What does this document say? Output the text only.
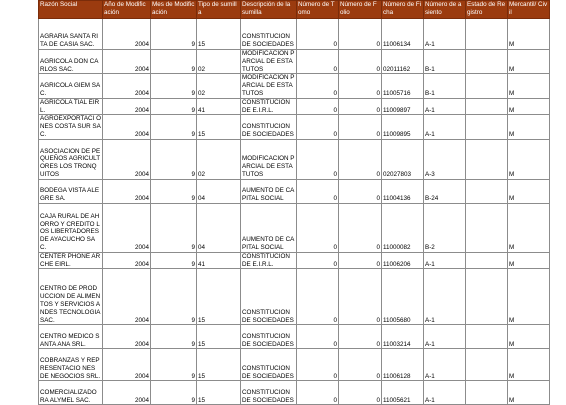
Razón Social	Año de Modificación	Mes de Modificación	Tipo de sumilla	Descripción de la sumilla	Número de Tomo	Número de Folio	Número de Ficha	Número de asiento	Estado de Registro	Mercantil/ Civil
AGRARIA SANTA RITA DE CASIA SAC.	2004	9	15	CONSTITUCION DE SOCIEDADES	0	0	11006134	A-1		M
AGRICOLA DON CARLOS SAC.	2004	9	02	MODIFICACION PARCIAL DE ESTATUTOS	0	0	02011162	B-1		M
AGRICOLA GIEM SAC.	2004	9	02	MODIFICACION PARCIAL DE ESTATUTOS	0	0	11005716	B-1		M
AGRICOLA TIAL EIRL.	2004	9	41	CONSTITUCION DE E.I.R.L.	0	0	11009897	A-1		M
AGROEXPORTACI ONES COSTA SUR SAC.	2004	9	15	CONSTITUCION DE SOCIEDADES	0	0	11009895	A-1		M
ASOCIACION DE PEQUEÑOS AGRICULTORES LOS TRONQUITOS	2004	9	02	MODIFICACION PARCIAL DE ESTATUTOS	0	0	02027803	A-3		M
BODEGA VISTA ALEGRE SA.	2004	9	04	AUMENTO DE CAPITAL SOCIAL	0	0	11004136	B-24		M
CAJA RURAL DE AHORRO Y CREDITO LOS LIBERTADORES DE AYACUCHO SAC.	2004	9	04	AUMENTO DE CAPITAL SOCIAL	0	0	11000082	B-2		M
CENTER PHONE ARCHE EIRL.	2004	9	41	CONSTITUCION DE E.I.R.L.	0	0	11006206	A-1		M
CENTRO DE PRODUCCION DE ALIMENTOS Y SERVICIOS ANDES TECNOLOGIA SAC.	2004	9	15	CONSTITUCION DE SOCIEDADES	0	0	11005680	A-1		M
CENTRO MEDICO SANTA ANA SRL.	2004	9	15	CONSTITUCION DE SOCIEDADES	0	0	11003214	A-1		M
COBRANZAS Y REPRESENTACIO NES DE NEGOCIOS SRL.	2004	9	15	CONSTITUCION DE SOCIEDADES	0	0	11006128	A-1		M
COMERCIALIZADO RA ALYMEL SAC.	2004	9	15	CONSTITUCION DE SOCIEDADES	0	0	11005621	A-1		M
